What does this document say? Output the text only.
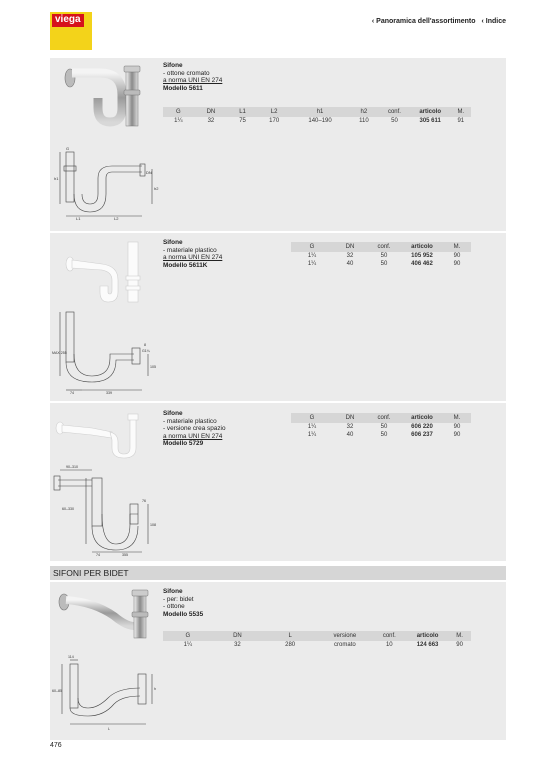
viega	‹ Panoramica dell'assortimento ‹ Indice
Sifone
- ottone cromato
a norma UNI EN 274
Modello 5611
G	DN	L1	L2	h1	h2	conf.	articolo	M.
1¼	32	75	170	140–190	110	50	305 611	91
h1
h2
L1	L2
G
DN
Sifone
- materiale plastico
a norma UNI EN 274
Modello 5611K
G	DN	conf.	articolo	M.
1¼	32	50	105 952	90
1¼	40	50	406 462	90
MAX 255	G1¼
8
105
74	339
Sifone
- materiale plastico
- versione crea spazio
a norma UNI EN 274
Modello 5729
G	DN	conf.	articolo	M.
1¼	32	50	606 220	90
1¼	40	50	606 237	90
90–310
60–330
74	355
108
76
SIFONI PER BIDET
Sifone
- per: bidet
- ottone
Modello 5535
G	DN	L	versione	conf.	articolo	M.
1¼	32	280	cromato	10	124 663	90
114
60–85
L
h
476
